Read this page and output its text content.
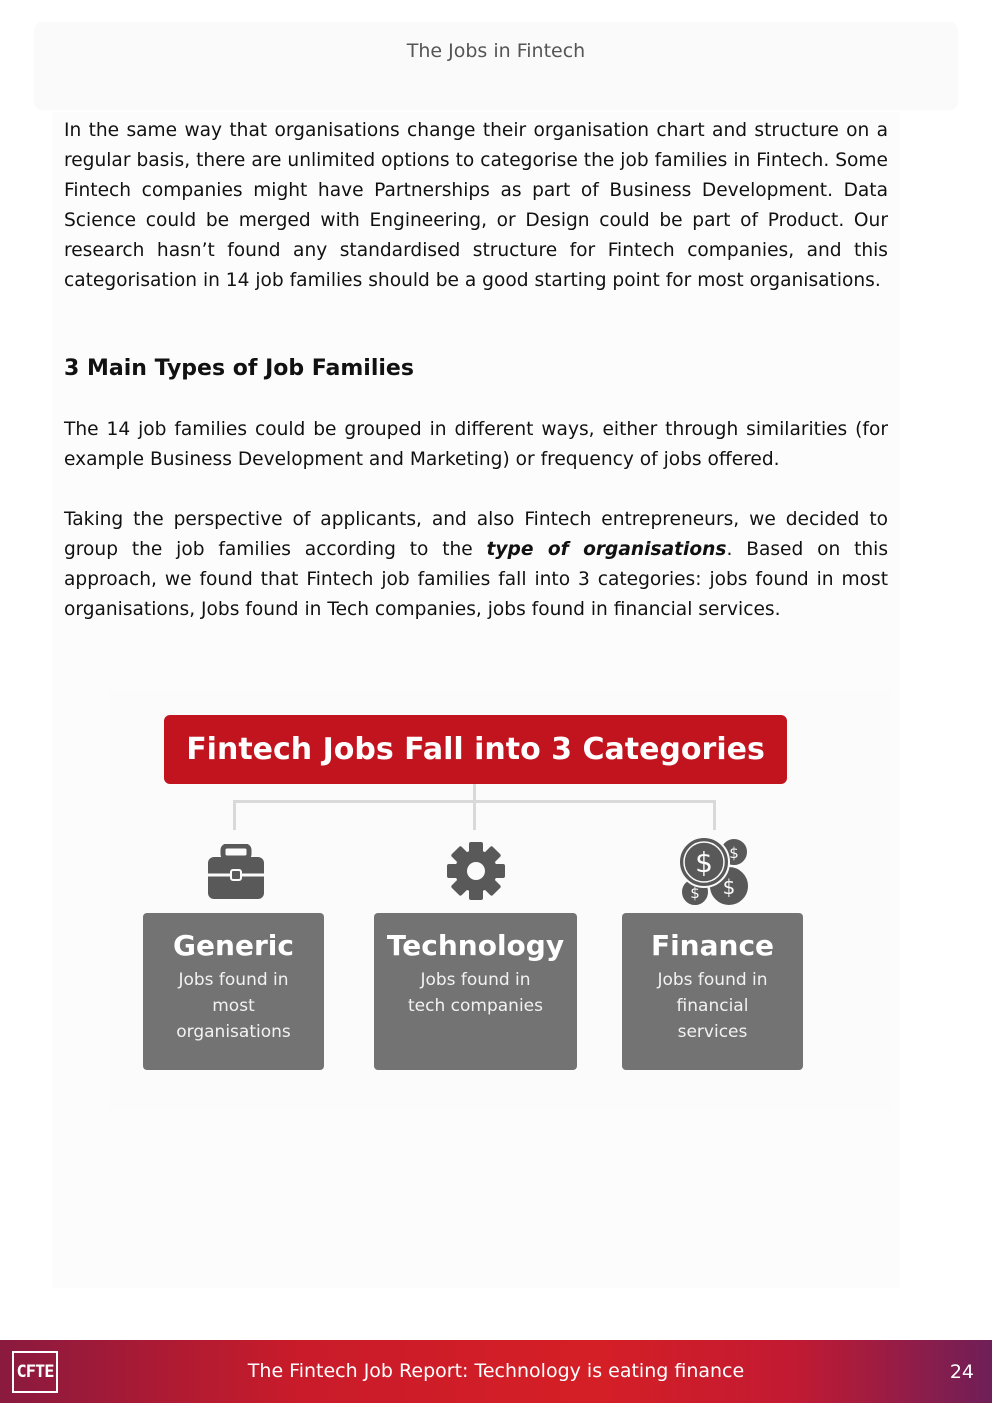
The Jobs in Fintech

In the same way that organisations change their organisation chart and structure on a regular basis, there are unlimited options to categorise the job families in Fintech. Some Fintech companies might have Partnerships as part of Business Development. Data Science could be merged with Engineering, or Design could be part of Product. Our research hasn’t found any standardised structure for Fintech companies, and this categorisation in 14 job families should be a good starting point for most organisations.

3 Main Types of Job Families

The 14 job families could be grouped in different ways, either through similarities (for example Business Development and Marketing) or frequency of jobs offered.

Taking the perspective of applicants, and also Fintech entrepreneurs, we decided to group the job families according to the type of organisations. Based on this approach, we found that Fintech job families fall into 3 categories: jobs found in most organisations, Jobs found in Tech companies, jobs found in financial services.

Fintech Jobs Fall into 3 Categories
$ $
$
$
Generic
Jobs found in most organisations
Technology
Jobs found in tech companies
Finance
Jobs found in financial services
CFTE	The Fintech Job Report: Technology is eating finance	24
